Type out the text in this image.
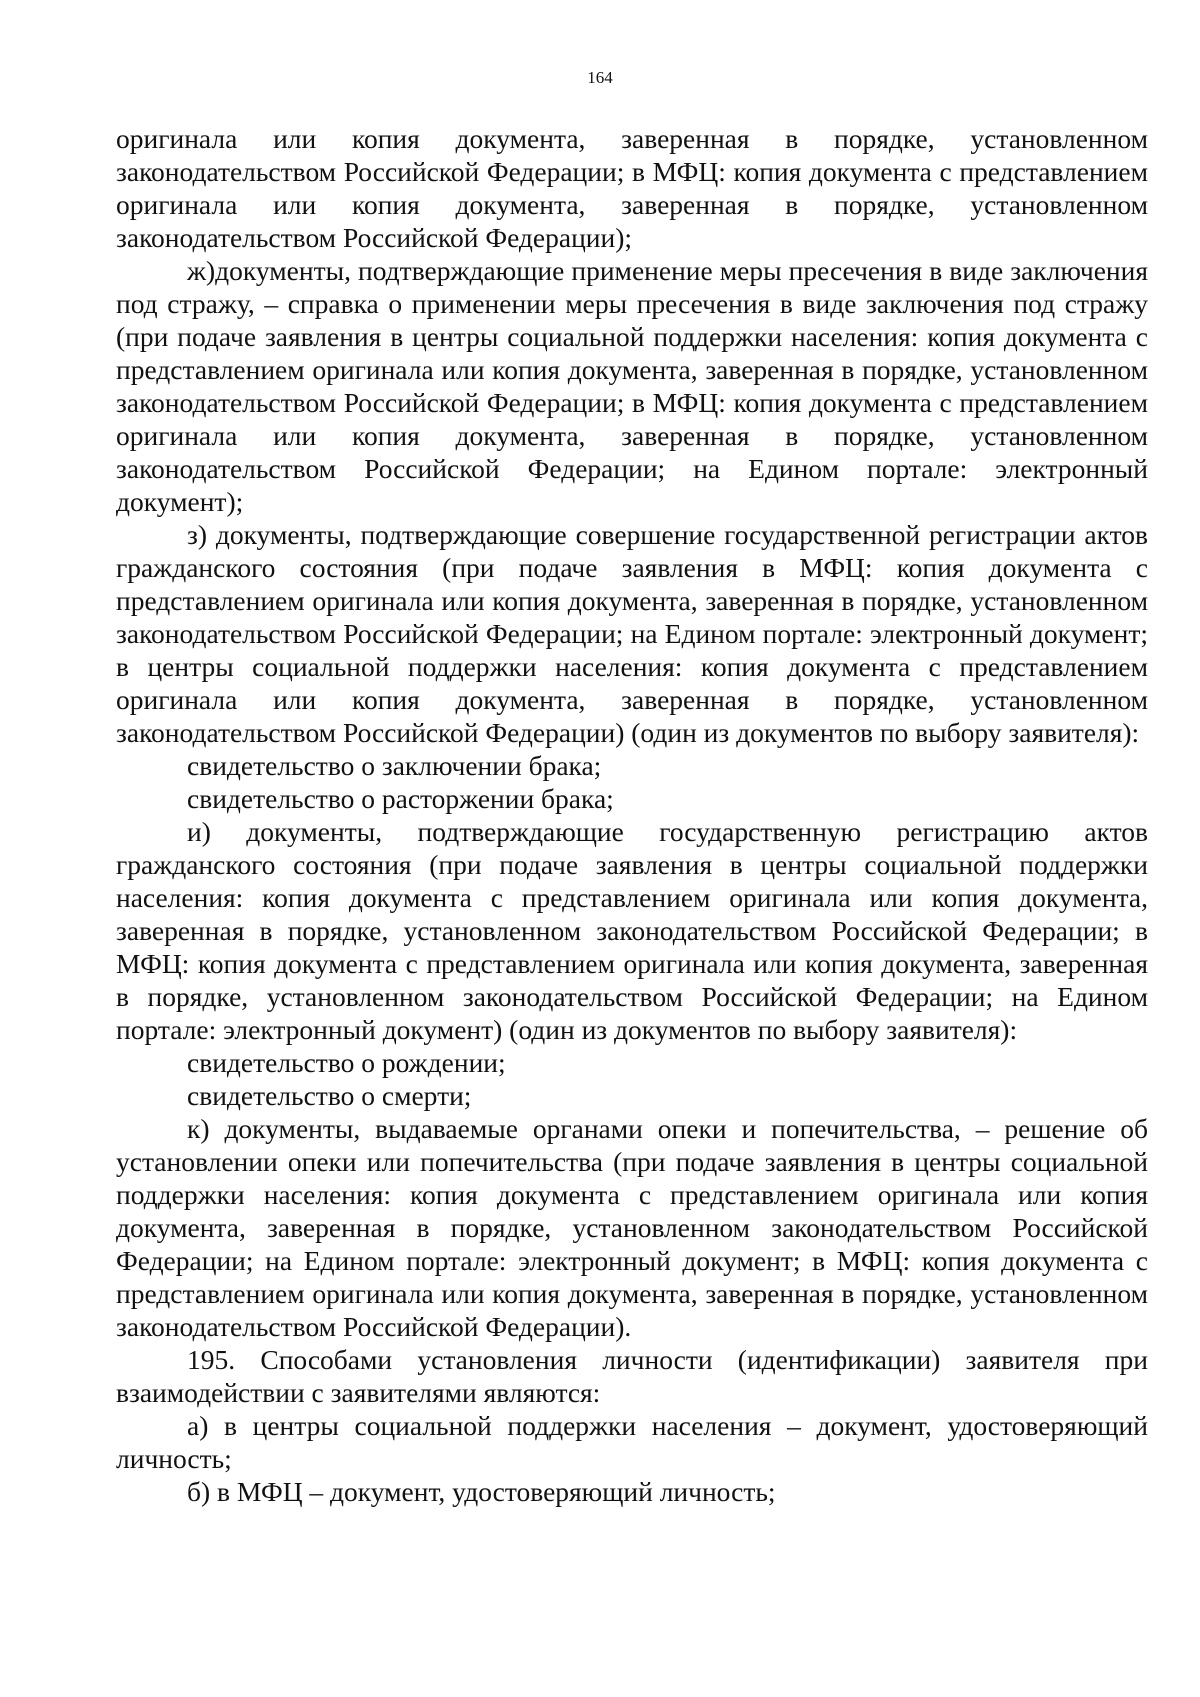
164

оригинала или копия документа, заверенная в порядке, установленном законодательством Российской Федерации; в МФЦ: копия документа с представлением оригинала или копия документа, заверенная в порядке, установленном законодательством Российской Федерации);

ж)документы, подтверждающие применение меры пресечения в виде заключения под стражу, – справка о применении меры пресечения в виде заключения под стражу (при подаче заявления в центры социальной поддержки населения: копия документа с представлением оригинала или копия документа, заверенная в порядке, установленном законодательством Российской Федерации; в МФЦ: копия документа с представлением оригинала или копия документа, заверенная в порядке, установленном законодательством Российской Федерации; на Едином портале: электронный документ);

з) документы, подтверждающие совершение государственной регистрации актов гражданского состояния (при подаче заявления в МФЦ: копия документа с представлением оригинала или копия документа, заверенная в порядке, установленном законодательством Российской Федерации; на Едином портале: электронный документ; в центры социальной поддержки населения: копия документа с представлением оригинала или копия документа, заверенная в порядке, установленном законодательством Российской Федерации) (один из документов по выбору заявителя):

свидетельство о заключении брака;

свидетельство о расторжении брака;

и) документы, подтверждающие государственную регистрацию актов гражданского состояния (при подаче заявления в центры социальной поддержки населения: копия документа с представлением оригинала или копия документа, заверенная в порядке, установленном законодательством Российской Федерации; в МФЦ: копия документа с представлением оригинала или копия документа, заверенная в порядке, установленном законодательством Российской Федерации; на Едином портале: электронный документ) (один из документов по выбору заявителя):

свидетельство о рождении;

свидетельство о смерти;

к) документы, выдаваемые органами опеки и попечительства, – решение об установлении опеки или попечительства (при подаче заявления в центры социальной поддержки населения: копия документа с представлением оригинала или копия документа, заверенная в порядке, установленном законодательством Российской Федерации; на Едином портале: электронный документ; в МФЦ: копия документа с представлением оригинала или копия документа, заверенная в порядке, установленном законодательством Российской Федерации).

195. Способами установления личности (идентификации) заявителя при взаимодействии с заявителями являются:

а) в центры социальной поддержки населения – документ, удостоверяющий личность;

б) в МФЦ – документ, удостоверяющий личность;
